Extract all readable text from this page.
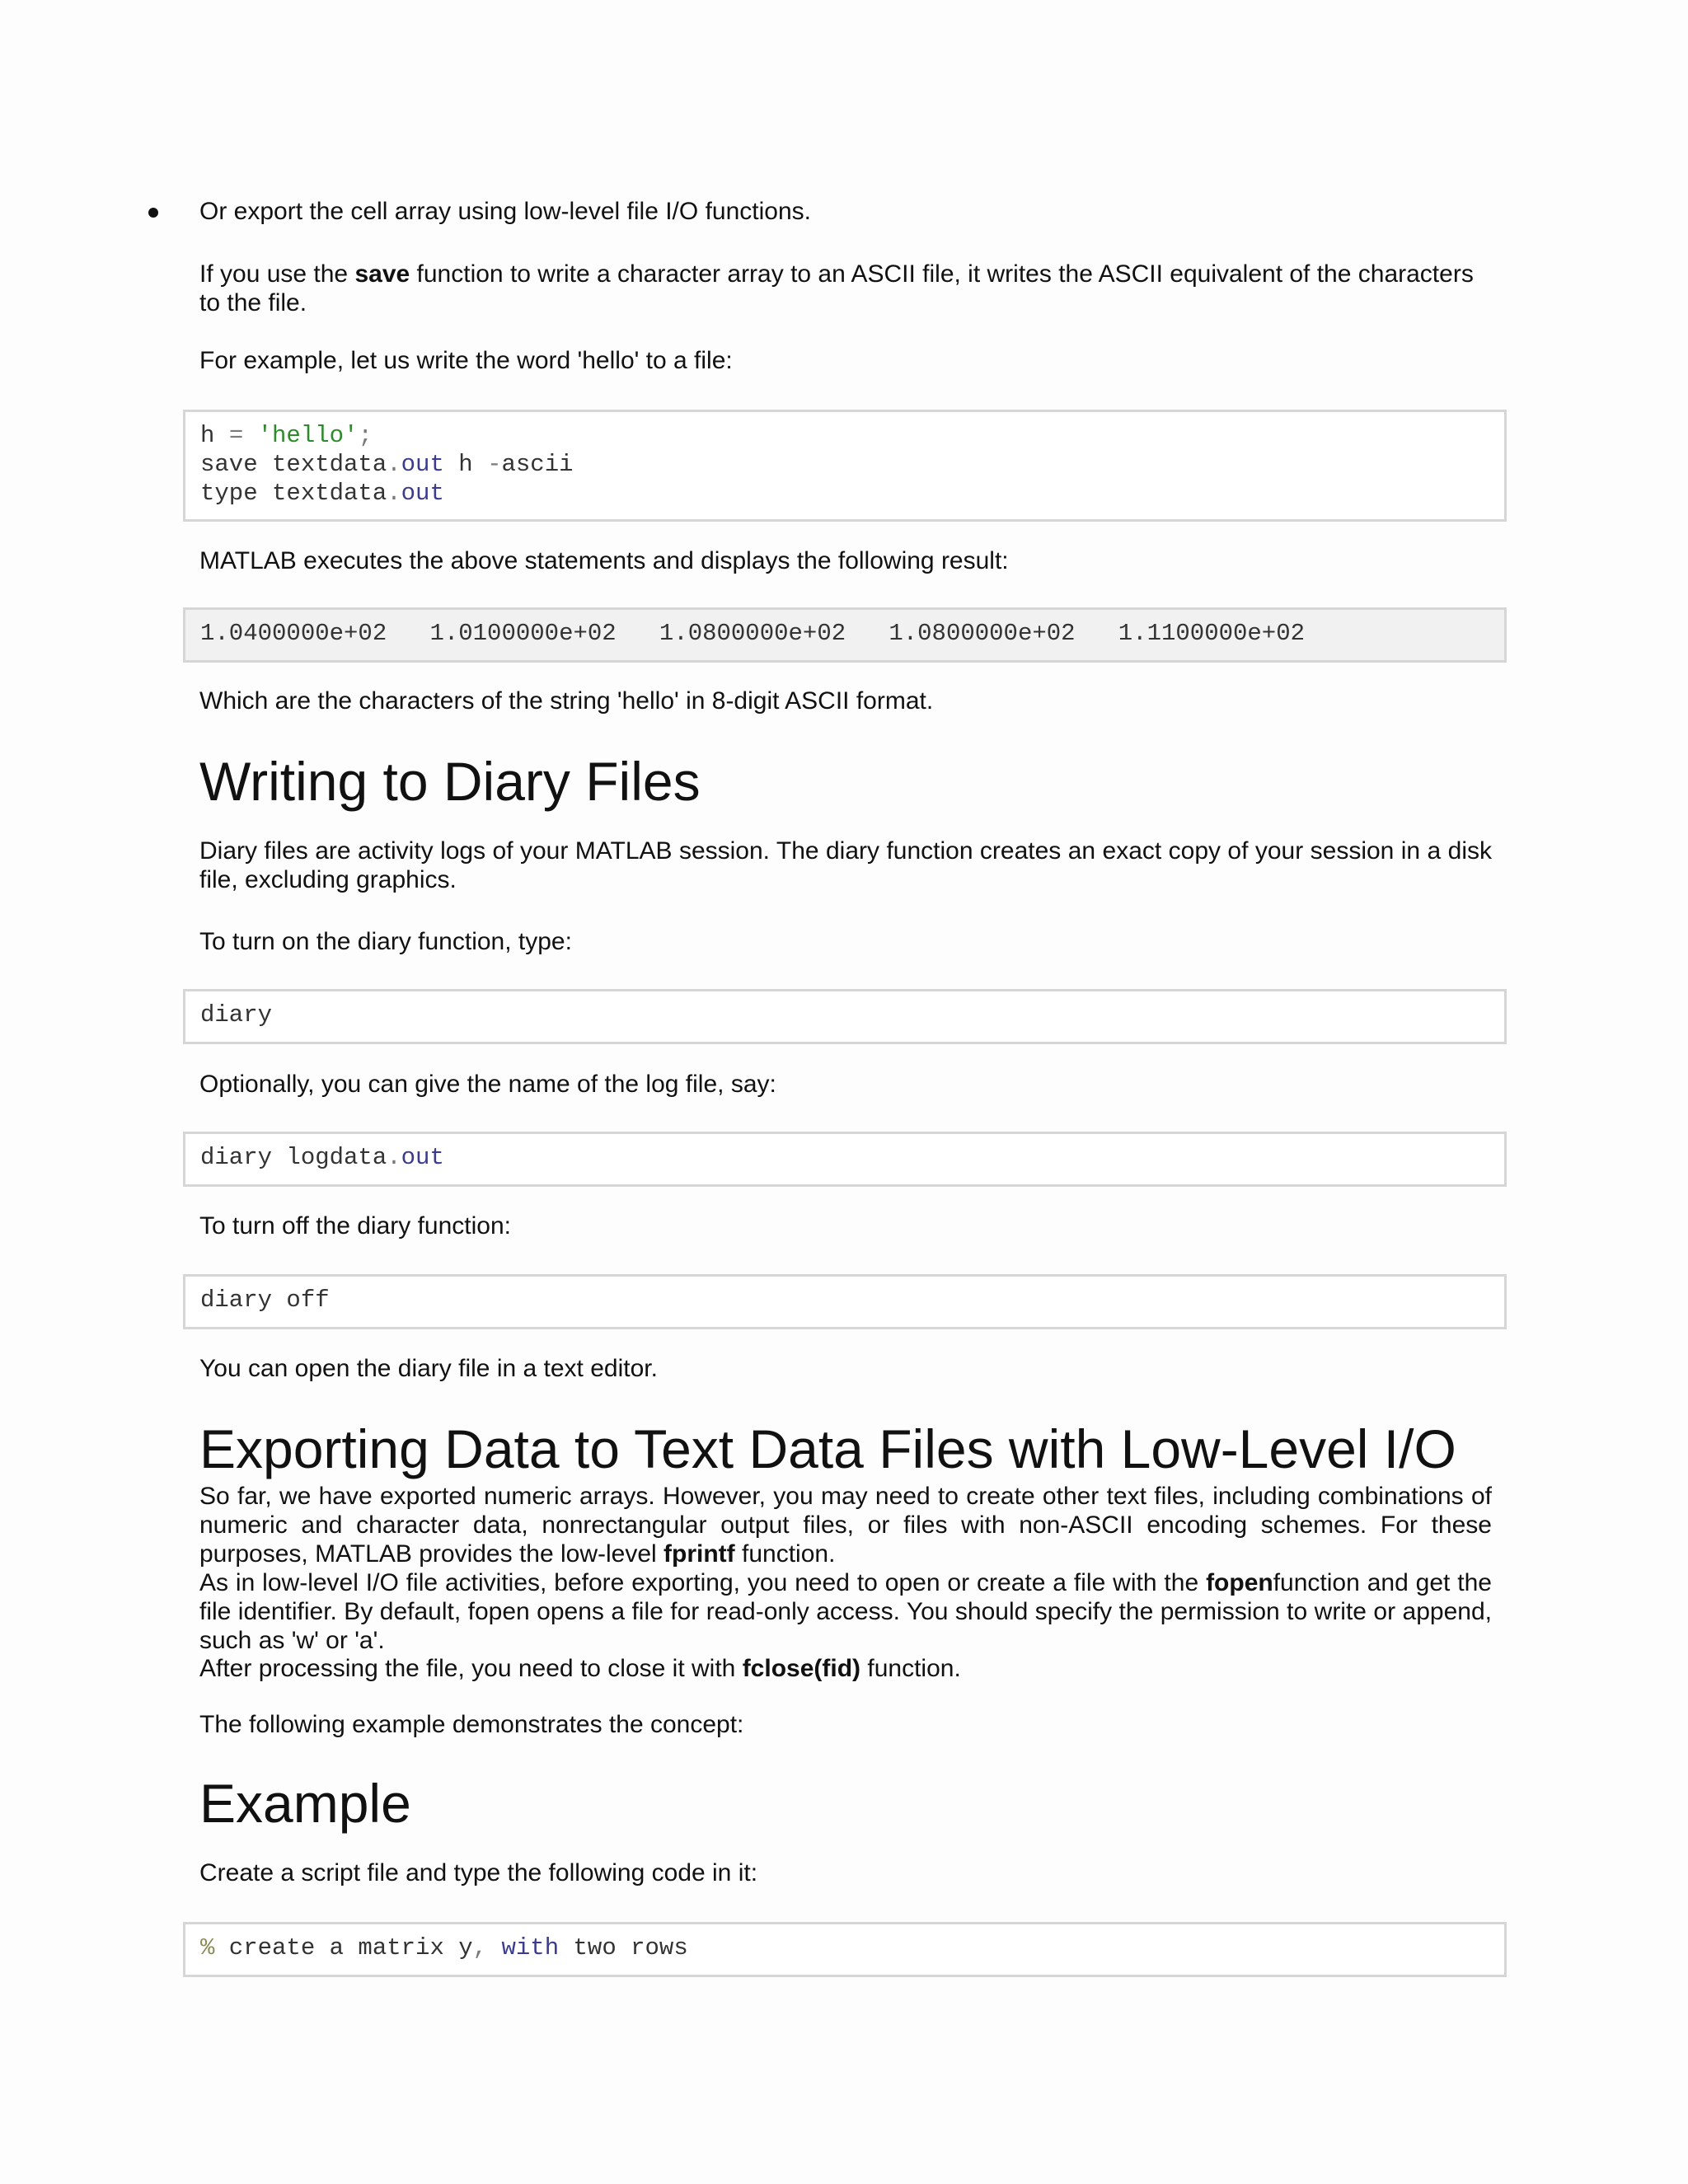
Or export the cell array using low-level file I/O functions.

If you use the save function to write a character array to an ASCII file, it writes the ASCII equivalent of the characters to the file.

For example, let us write the word 'hello' to a file:

h = 'hello';
save textdata.out h -ascii
type textdata.out

MATLAB executes the above statements and displays the following result:

1.0400000e+02   1.0100000e+02   1.0800000e+02   1.0800000e+02   1.1100000e+02

Which are the characters of the string 'hello' in 8-digit ASCII format.

Writing to Diary Files

Diary files are activity logs of your MATLAB session. The diary function creates an exact copy of your session in a disk file, excluding graphics.

To turn on the diary function, type:

diary

Optionally, you can give the name of the log file, say:

diary logdata.out

To turn off the diary function:

diary off

You can open the diary file in a text editor.

Exporting Data to Text Data Files with Low-Level I/O

So far, we have exported numeric arrays. However, you may need to create other text files, including combinations of numeric and character data, nonrectangular output files, or files with non-ASCII encoding schemes. For these purposes, MATLAB provides the low-level fprintf function.

As in low-level I/O file activities, before exporting, you need to open or create a file with the fopenfunction and get the file identifier. By default, fopen opens a file for read-only access. You should specify the permission to write or append, such as 'w' or 'a'.

After processing the file, you need to close it with fclose(fid) function.

The following example demonstrates the concept:

Example

Create a script file and type the following code in it:

% create a matrix y, with two rows
